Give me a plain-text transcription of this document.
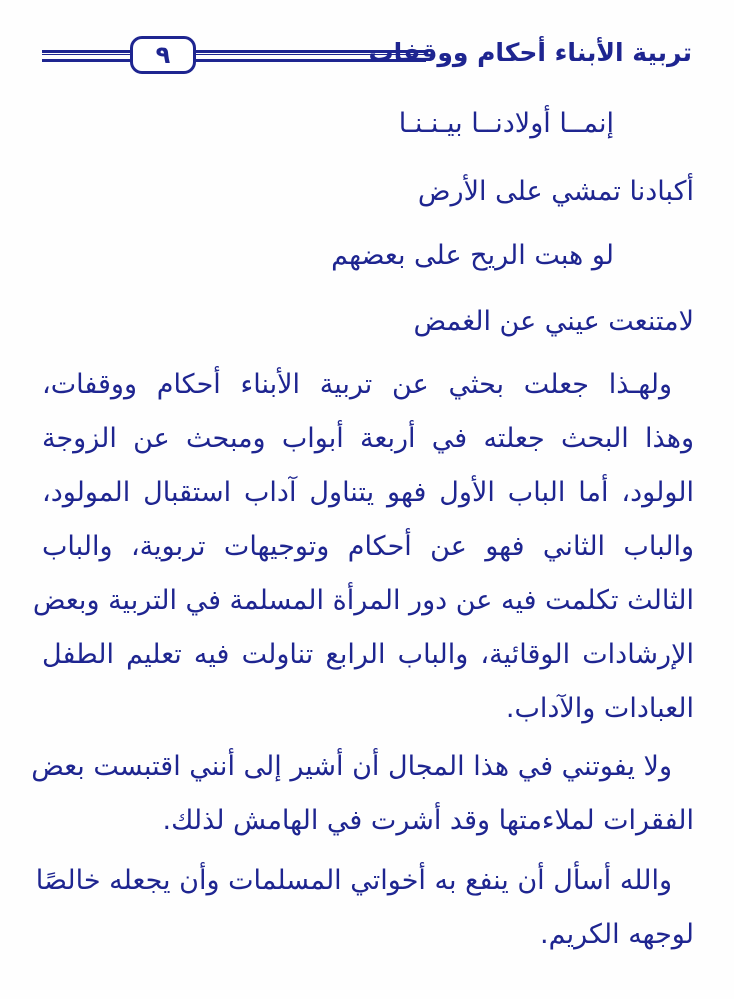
٩	تربية الأبناء أحكام ووقفات
إنمــا أولادنــا بيـنـنـا
أكبادنا تمشي على الأرض
لو هبت الريح على بعضهم
لامتنعت عيني عن الغمض
ولهـذا جعلت بحثي عن تربية الأبناء أحكام ووقفات،
وهذا البحث جعلته في أربعة أبواب ومبحث عن الزوجة
الولود، أما الباب الأول فهو يتناول آداب استقبال المولود،
والباب الثاني فهو عن أحكام وتوجيهات تربوية، والباب
الثالث تكلمت فيه عن دور المرأة المسلمة في التربية وبعض
الإرشادات الوقائية، والباب الرابع تناولت فيه تعليم الطفل
العبادات والآداب.
ولا يفوتني في هذا المجال أن أشير إلى أنني اقتبست بعض
الفقرات لملاءمتها وقد أشرت في الهامش لذلك.
والله أسأل أن ينفع به أخواتي المسلمات وأن يجعله خالصًا
لوجهه الكريم.
